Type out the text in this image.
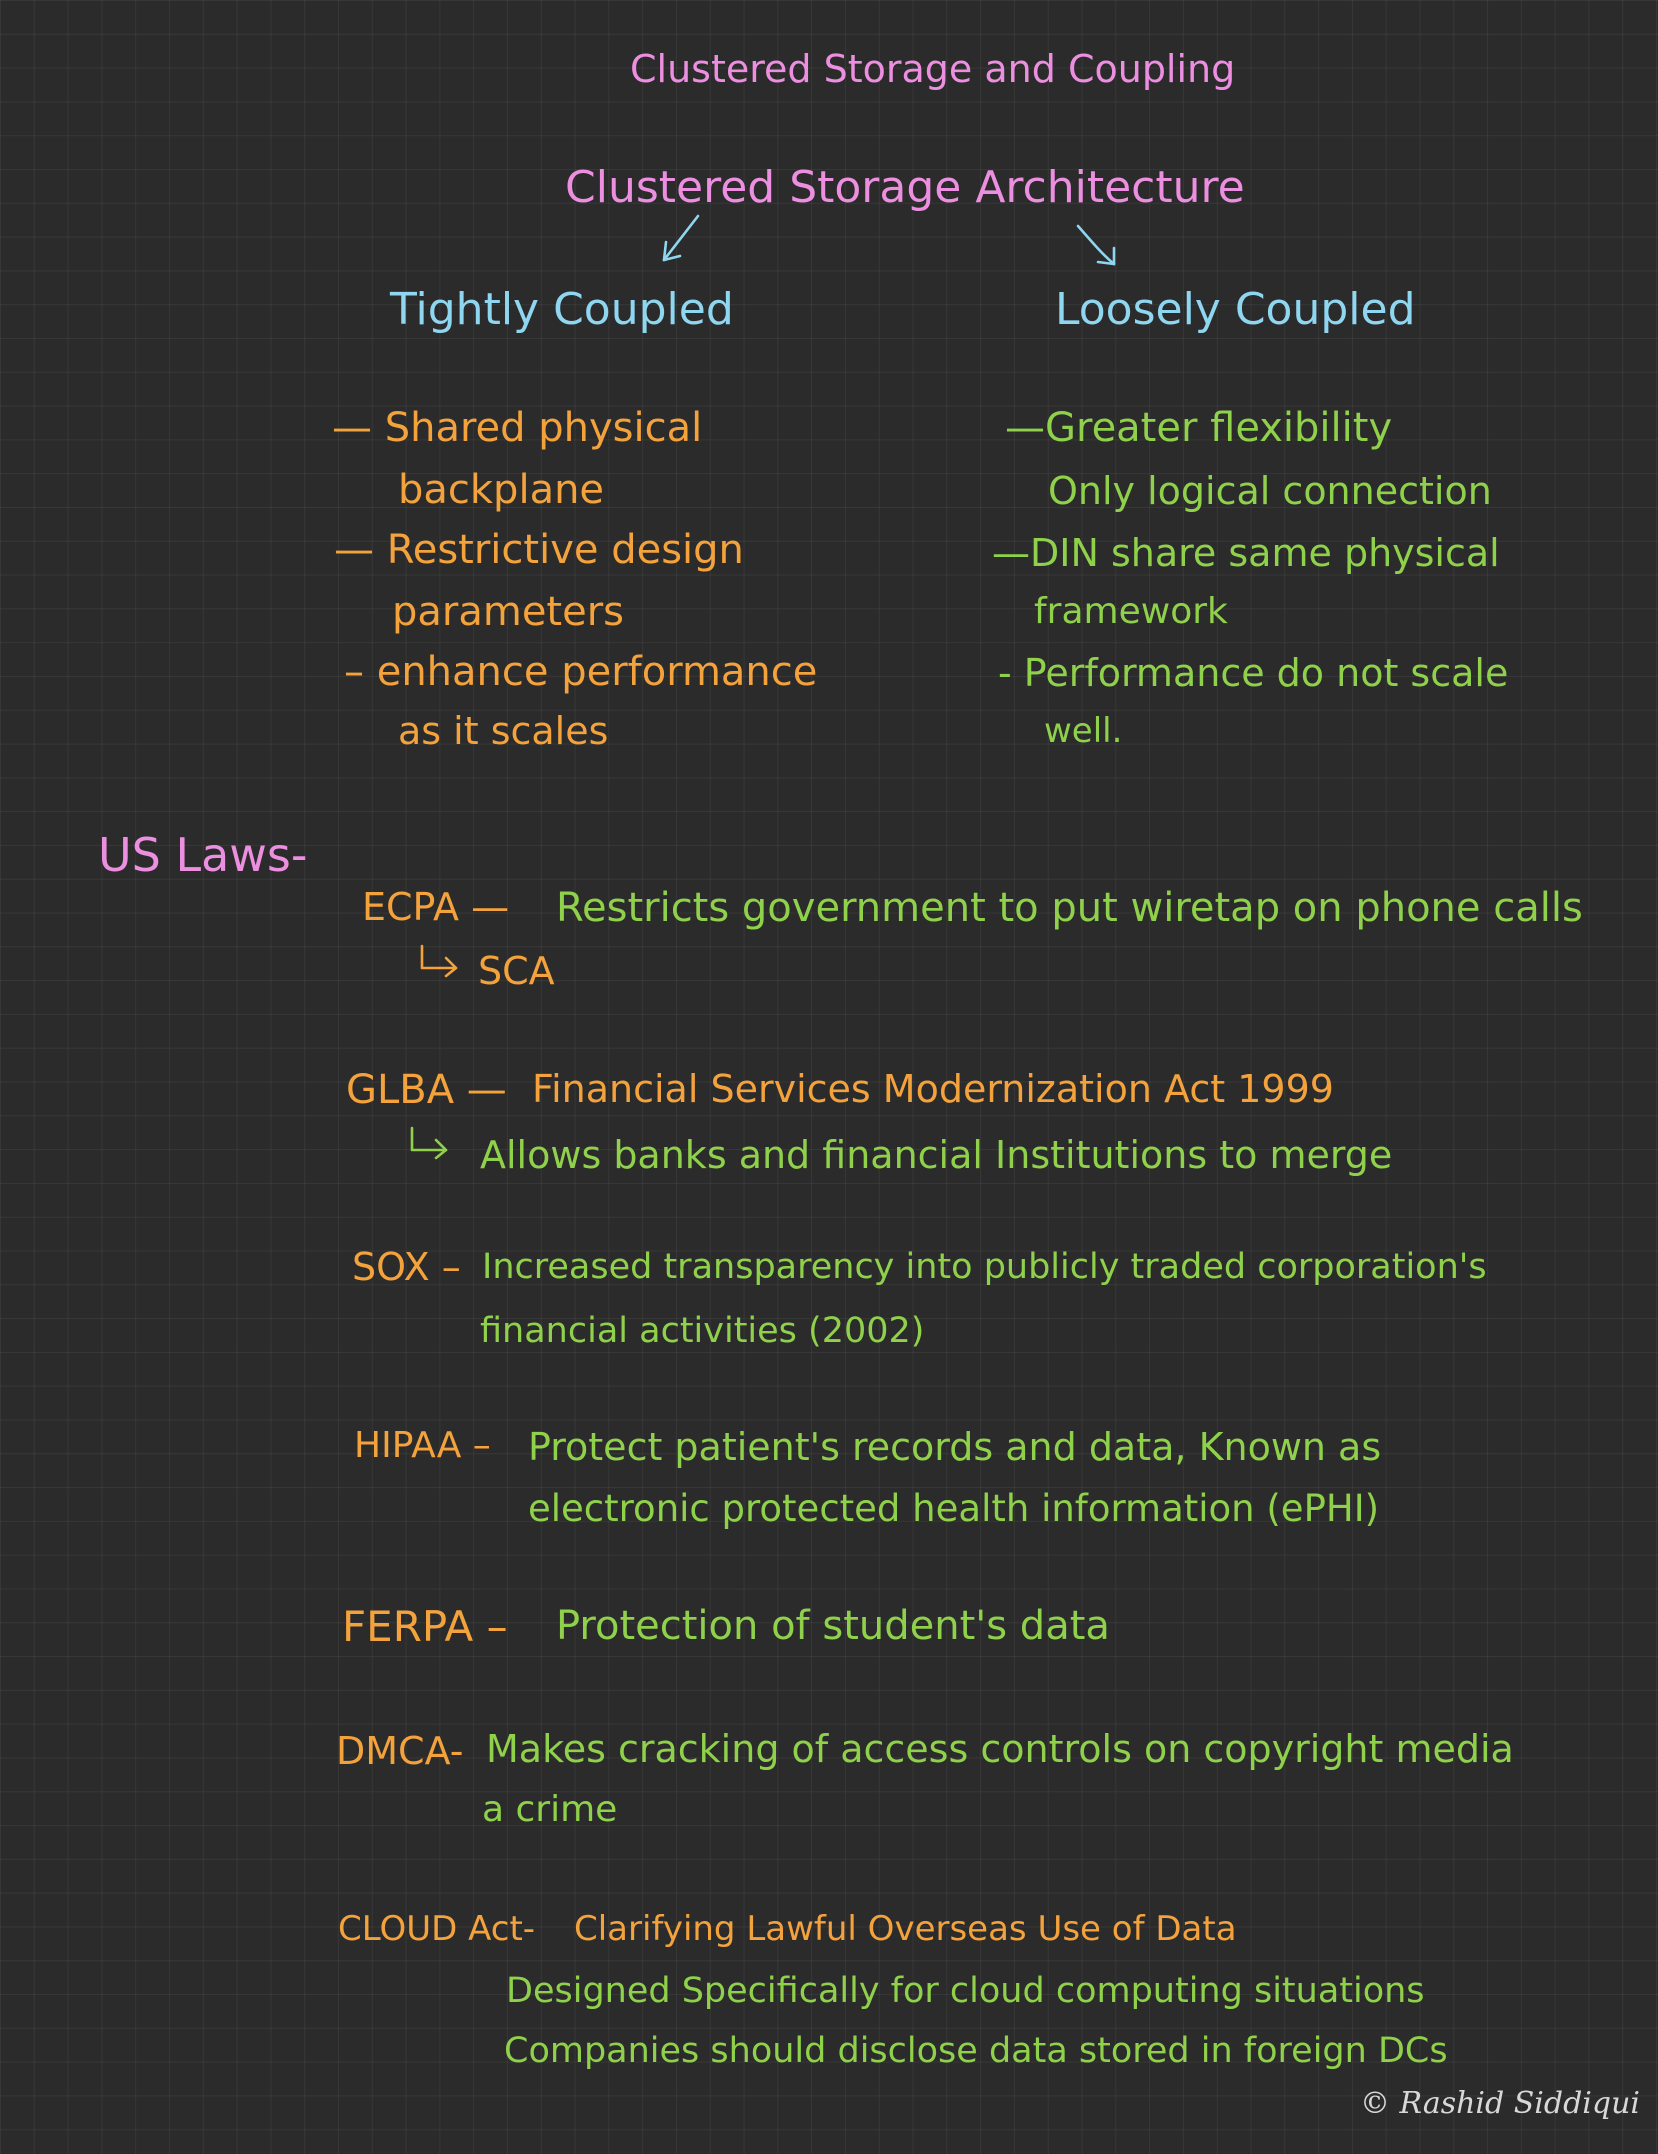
Clustered Storage and Coupling
Clustered Storage Architecture
Tightly Coupled
— Shared physical
backplane
— Restrictive design
parameters
– enhance performance
as it scales
Loosely Coupled
—Greater flexibility
Only logical connection
—DIN share same physical
framework
- Performance do not scale
well.
US Laws-
ECPA — Restricts government to put wiretap on phone calls
SCA
GLBA — Financial Services Modernization Act 1999
Allows banks and financial Institutions to merge
SOX – Increased transparency into publicly traded corporation's
financial activities (2002)
HIPAA – Protect patient's records and data, Known as
electronic protected health information (ePHI)
FERPA – Protection of student's data
DMCA- Makes cracking of access controls on copyright media
a crime
CLOUD Act- Clarifying Lawful Overseas Use of Data
Designed Specifically for cloud computing situations
Companies should disclose data stored in foreign DCs
© Rashid Siddiqui
